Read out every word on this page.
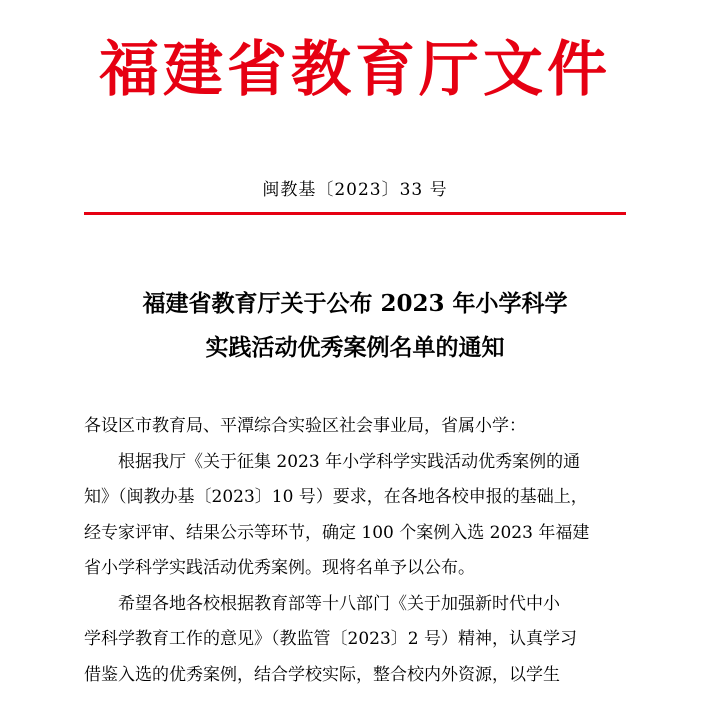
福建省教育厅文件
闽教基〔2023〕33 号
福建省教育厅关于公布 2023 年小学科学
实践活动优秀案例名单的通知
各设区市教育局、平潭综合实验区社会事业局，省属小学：
根据我厅《关于征集 2023 年小学科学实践活动优秀案例的通
知》（闽教办基〔2023〕10 号）要求，在各地各校申报的基础上，
经专家评审、结果公示等环节，确定 100 个案例入选 2023 年福建
省小学科学实践活动优秀案例。现将名单予以公布。
希望各地各校根据教育部等十八部门《关于加强新时代中小
学科学教育工作的意见》（教监管〔2023〕2 号）精神，认真学习
借鉴入选的优秀案例，结合学校实际，整合校内外资源，以学生
